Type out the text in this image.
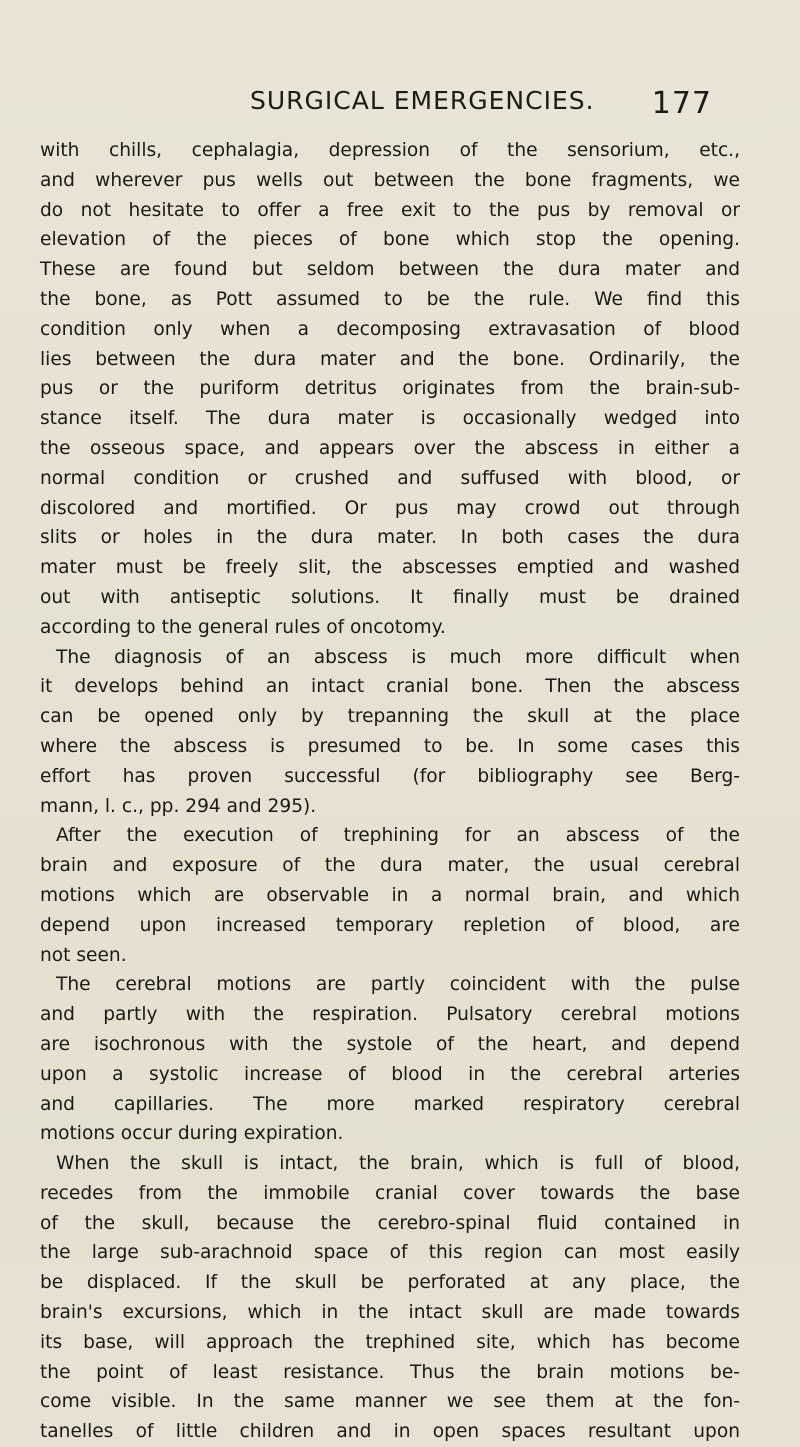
SURGICAL EMERGENCIES. 177
with chills, cephalagia, depression of the sensorium, etc.,
and wherever pus wells out between the bone fragments, we
do not hesitate to offer a free exit to the pus by removal or
elevation of the pieces of bone which stop the opening.
These are found but seldom between the dura mater and
the bone, as Pott assumed to be the rule. We find this
condition only when a decomposing extravasation of blood
lies between the dura mater and the bone. Ordinarily, the
pus or the puriform detritus originates from the brain-sub-
stance itself. The dura mater is occasionally wedged into
the osseous space, and appears over the abscess in either a
normal condition or crushed and suffused with blood, or
discolored and mortified. Or pus may crowd out through
slits or holes in the dura mater. In both cases the dura
mater must be freely slit, the abscesses emptied and washed
out with antiseptic solutions. It finally must be drained
according to the general rules of oncotomy.
The diagnosis of an abscess is much more difficult when
it develops behind an intact cranial bone. Then the abscess
can be opened only by trepanning the skull at the place
where the abscess is presumed to be. In some cases this
effort has proven successful (for bibliography see Berg-
mann, l. c., pp. 294 and 295).
After the execution of trephining for an abscess of the
brain and exposure of the dura mater, the usual cerebral
motions which are observable in a normal brain, and which
depend upon increased temporary repletion of blood, are
not seen.
The cerebral motions are partly coincident with the pulse
and partly with the respiration. Pulsatory cerebral motions
are isochronous with the systole of the heart, and depend
upon a systolic increase of blood in the cerebral arteries
and capillaries. The more marked respiratory cerebral
motions occur during expiration.
When the skull is intact, the brain, which is full of blood,
recedes from the immobile cranial cover towards the base
of the skull, because the cerebro-spinal fluid contained in
the large sub-arachnoid space of this region can most easily
be displaced. If the skull be perforated at any place, the
brain's excursions, which in the intact skull are made towards
its base, will approach the trephined site, which has become
the point of least resistance. Thus the brain motions be-
come visible. In the same manner we see them at the fon-
tanelles of little children and in open spaces resultant upon
